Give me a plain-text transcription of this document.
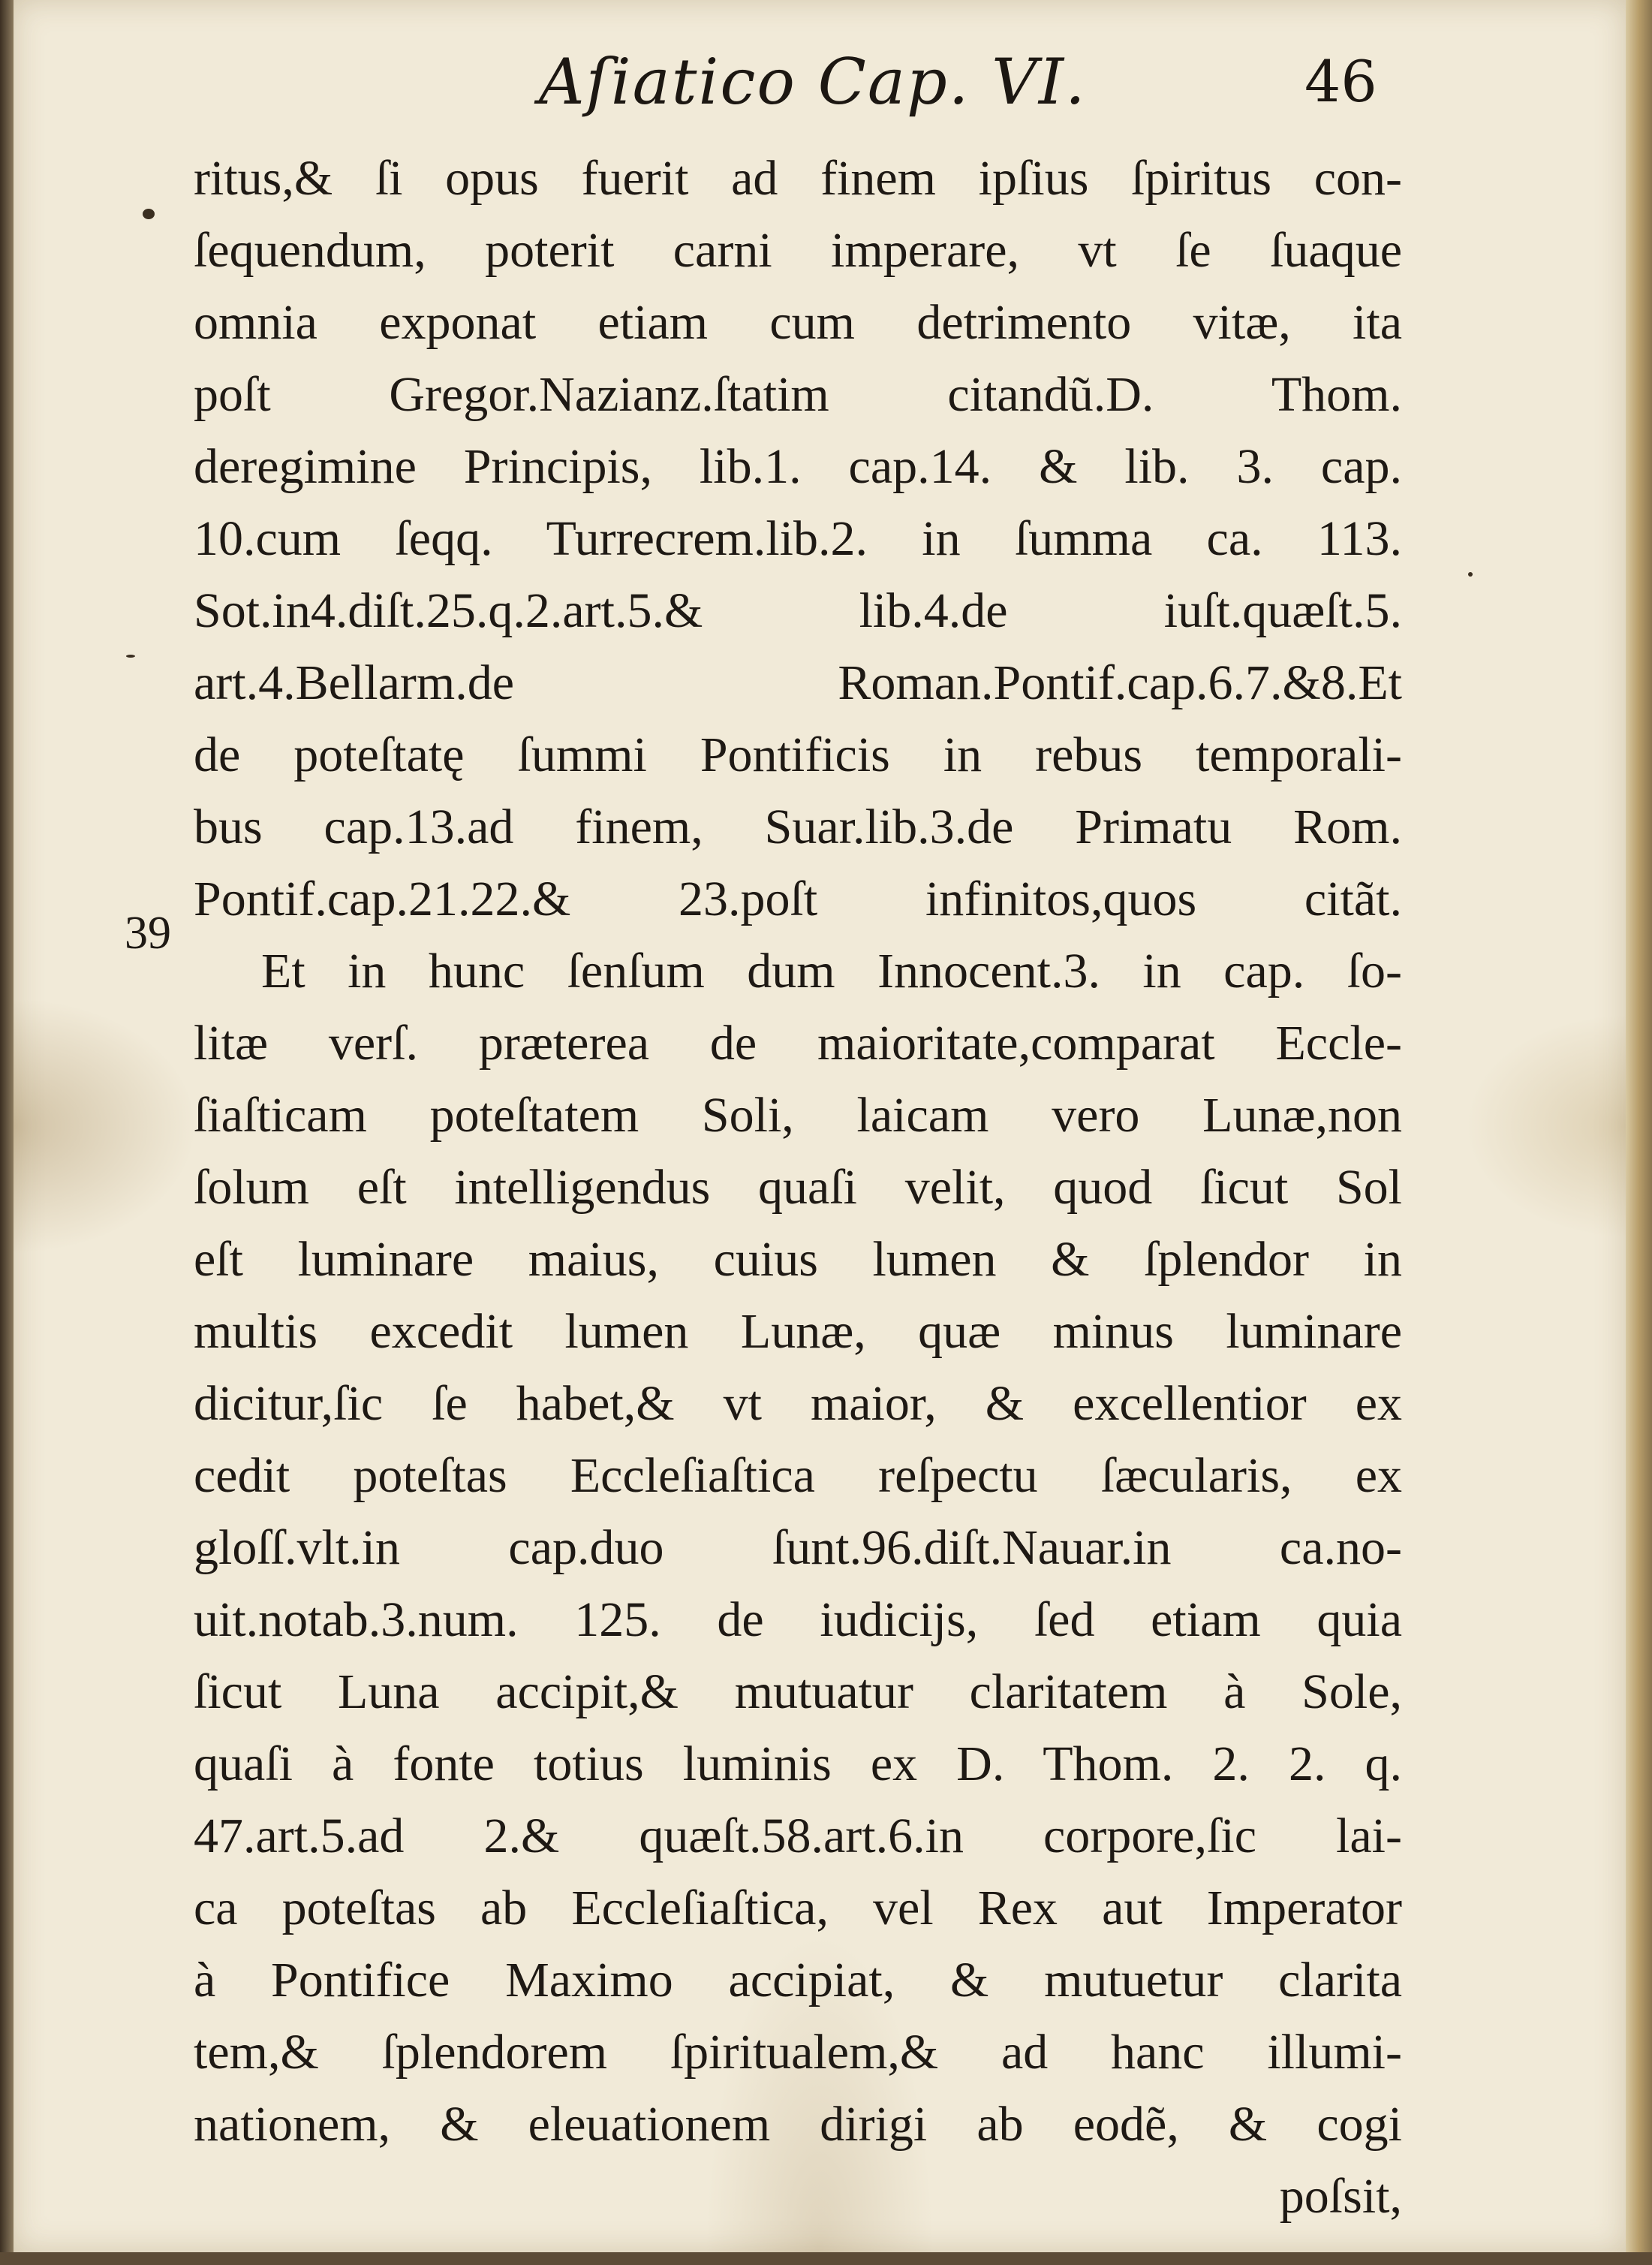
Aſiatico Cap. VI.	46
39
ritus,& ſi opus fuerit ad finem ipſius ſpiritus con-
ſequendum, poterit carni imperare, vt ſe ſuaque
omnia exponat etiam cum detrimento vitæ, ita
poſt Gregor.Nazianz.ſtatim citandũ.D. Thom.
deregimine Principis, lib.1. cap.14. & lib. 3. cap.
10.cum ſeqq. Turrecrem.lib.2. in ſumma ca. 113.
Sot.in4.diſt.25.q.2.art.5.& lib.4.de iuſt.quæſt.5.
art.4.Bellarm.de Roman.Pontif.cap.6.7.&8.Et
de poteſtatę ſummi Pontificis in rebus temporali-
bus cap.13.ad finem, Suar.lib.3.de Primatu Rom.
Pontif.cap.21.22.& 23.poſt infinitos,quos citãt.
Et in hunc ſenſum dum Innocent.3. in cap. ſo-
litæ verſ. præterea de maioritate,comparat Eccle-
ſiaſticam poteſtatem Soli, laicam vero Lunæ,non
ſolum eſt intelligendus quaſi velit, quod ſicut Sol
eſt luminare maius, cuius lumen & ſplendor in
multis excedit lumen Lunæ, quæ minus luminare
dicitur,ſic ſe habet,& vt maior, & excellentior ex
cedit poteſtas Eccleſiaſtica reſpectu ſæcularis, ex
gloſſ.vlt.in cap.duo ſunt.96.diſt.Nauar.in ca.no-
uit.notab.3.num. 125. de iudicijs, ſed etiam quia
ſicut Luna accipit,& mutuatur claritatem à Sole,
quaſi à fonte totius luminis ex D. Thom. 2. 2. q.
47.art.5.ad 2.& quæſt.58.art.6.in corpore,ſic lai-
ca poteſtas ab Eccleſiaſtica, vel Rex aut Imperator
à Pontifice Maximo accipiat, & mutuetur clarita
tem,& ſplendorem ſpiritualem,& ad hanc illumi-
nationem, & eleuationem dirigi ab eodẽ, & cogi
poſsit,
